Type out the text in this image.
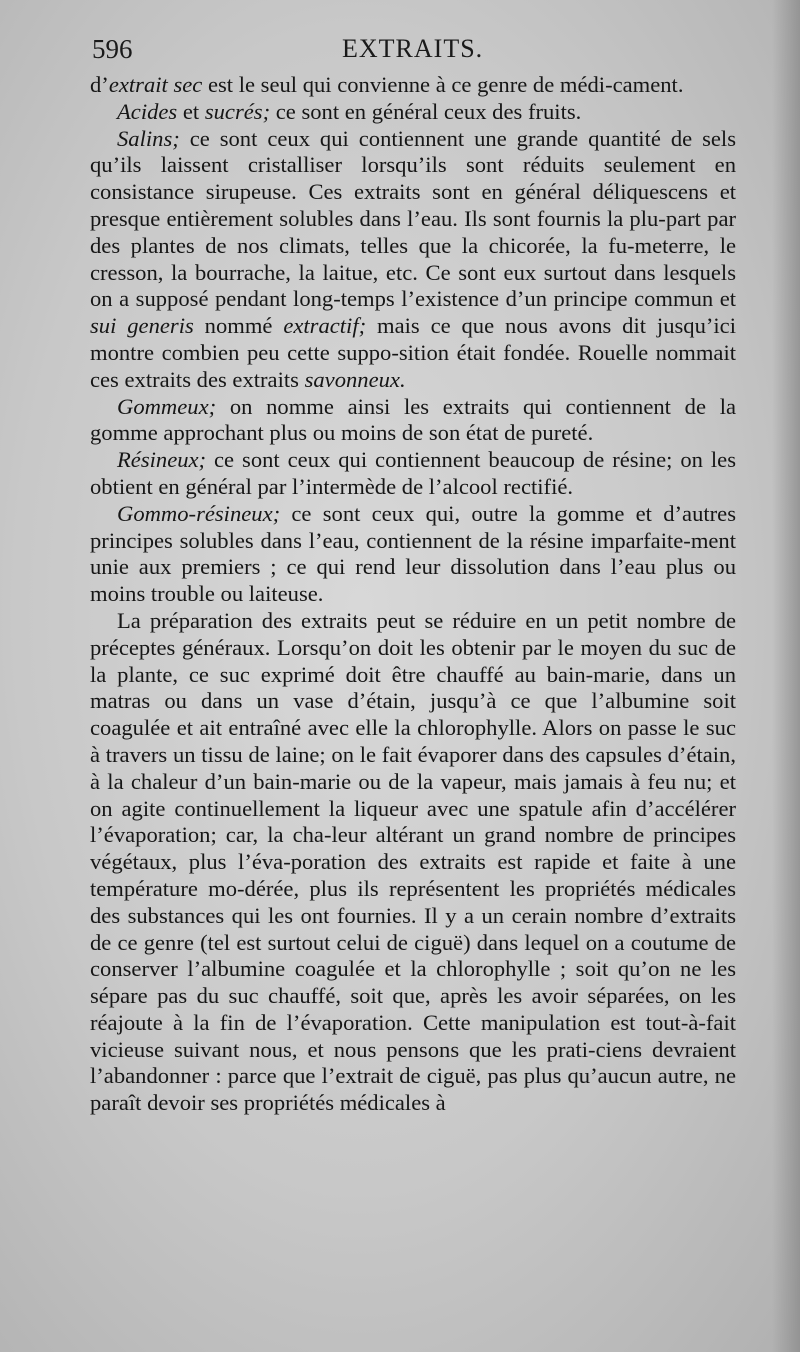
596	EXTRAITS.

d’extrait sec est le seul qui convienne à ce genre de médi-cament.

Acides et sucrés; ce sont en général ceux des fruits.

Salins; ce sont ceux qui contiennent une grande quantité de sels qu’ils laissent cristalliser lorsqu’ils sont réduits seulement en consistance sirupeuse. Ces extraits sont en général déliquescens et presque entièrement solubles dans l’eau. Ils sont fournis la plu-part par des plantes de nos climats, telles que la chicorée, la fu-meterre, le cresson, la bourrache, la laitue, etc. Ce sont eux surtout dans lesquels on a supposé pendant long-temps l’existence d’un principe commun et sui generis nommé extractif; mais ce que nous avons dit jusqu’ici montre combien peu cette suppo-sition était fondée. Rouelle nommait ces extraits des extraits savonneux.

Gommeux; on nomme ainsi les extraits qui contiennent de la gomme approchant plus ou moins de son état de pureté.

Résineux; ce sont ceux qui contiennent beaucoup de résine; on les obtient en général par l’intermède de l’alcool rectifié.

Gommo-résineux; ce sont ceux qui, outre la gomme et d’autres principes solubles dans l’eau, contiennent de la résine imparfaite-ment unie aux premiers ; ce qui rend leur dissolution dans l’eau plus ou moins trouble ou laiteuse.

La préparation des extraits peut se réduire en un petit nombre de préceptes généraux. Lorsqu’on doit les obtenir par le moyen du suc de la plante, ce suc exprimé doit être chauffé au bain-marie, dans un matras ou dans un vase d’étain, jusqu’à ce que l’albumine soit coagulée et ait entraîné avec elle la chlorophylle. Alors on passe le suc à travers un tissu de laine; on le fait évaporer dans des capsules d’étain, à la chaleur d’un bain-marie ou de la vapeur, mais jamais à feu nu; et on agite continuellement la liqueur avec une spatule afin d’accélérer l’évaporation; car, la cha-leur altérant un grand nombre de principes végétaux, plus l’éva-poration des extraits est rapide et faite à une température mo-dérée, plus ils représentent les propriétés médicales des substances qui les ont fournies. Il y a un cerain nombre d’extraits de ce genre (tel est surtout celui de ciguë) dans lequel on a coutume de conserver l’albumine coagulée et la chlorophylle ; soit qu’on ne les sépare pas du suc chauffé, soit que, après les avoir séparées, on les réajoute à la fin de l’évaporation. Cette manipulation est tout-à-fait vicieuse suivant nous, et nous pensons que les prati-ciens devraient l’abandonner : parce que l’extrait de ciguë, pas plus qu’aucun autre, ne paraît devoir ses propriétés médicales à
